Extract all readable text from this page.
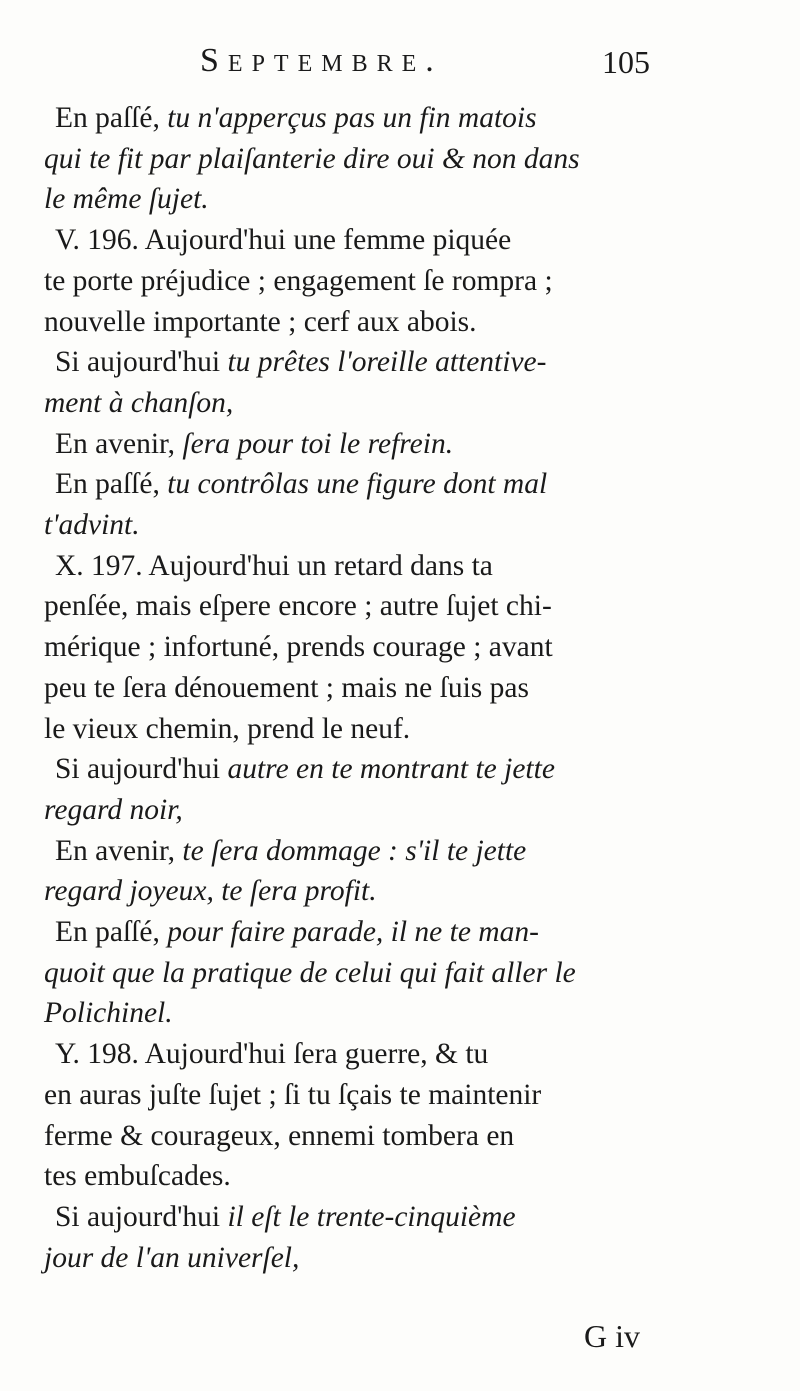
Septembre.	105

En paſſé, tu n'apperçus pas un fin matois
qui te fit par plaiſanterie dire oui & non dans
le même ſujet.

V. 196. Aujourd'hui une femme piquée
te porte préjudice ; engagement ſe rompra ;
nouvelle importante ; cerf aux abois.

Si aujourd'hui tu prêtes l'oreille attentive-
ment à chanſon,

En avenir, ſera pour toi le refrein.

En paſſé, tu contrôlas une figure dont mal
t'advint.

X. 197. Aujourd'hui un retard dans ta
penſée, mais eſpere encore ; autre ſujet chi-
mérique ; infortuné, prends courage ; avant
peu te ſera dénouement ; mais ne ſuis pas
le vieux chemin, prend le neuf.

Si aujourd'hui autre en te montrant te jette
regard noir,

En avenir, te ſera dommage : s'il te jette
regard joyeux, te ſera profit.

En paſſé, pour faire parade, il ne te man-
quoit que la pratique de celui qui fait aller le
Polichinel.

Y. 198. Aujourd'hui ſera guerre, & tu
en auras juſte ſujet ; ſi tu ſçais te maintenir
ferme & courageux, ennemi tombera en
tes embuſcades.

Si aujourd'hui il eſt le trente-cinquième
jour de l'an univerſel,

G iv
